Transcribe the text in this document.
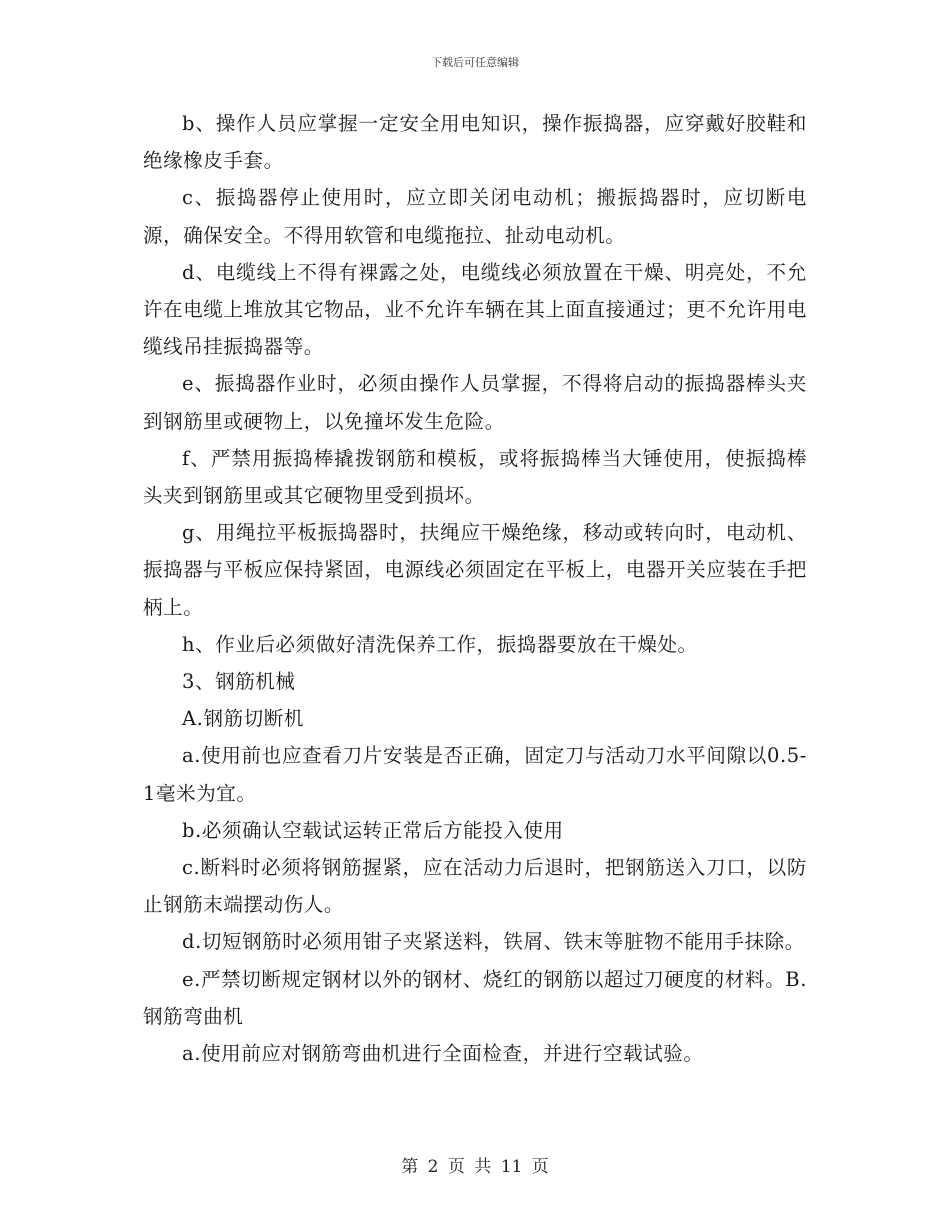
下载后可任意编辑

b、操作人员应掌握一定安全用电知识，操作振捣器，应穿戴好胶鞋和绝缘橡皮手套。

c、振捣器停止使用时，应立即关闭电动机；搬振捣器时，应切断电源，确保安全。不得用软管和电缆拖拉、扯动电动机。

d、电缆线上不得有裸露之处，电缆线必须放置在干燥、明亮处，不允许在电缆上堆放其它物品，业不允许车辆在其上面直接通过；更不允许用电缆线吊挂振捣器等。

e、振捣器作业时，必须由操作人员掌握，不得将启动的振捣器棒头夹到钢筋里或硬物上，以免撞坏发生危险。

f、严禁用振捣棒撬拨钢筋和模板，或将振捣棒当大锤使用，使振捣棒头夹到钢筋里或其它硬物里受到损坏。

g、用绳拉平板振捣器时，扶绳应干燥绝缘，移动或转向时，电动机、振捣器与平板应保持紧固，电源线必须固定在平板上，电器开关应装在手把柄上。

h、作业后必须做好清洗保养工作，振捣器要放在干燥处。

3、钢筋机械

A.钢筋切断机

a.使用前也应查看刀片安装是否正确，固定刀与活动刀水平间隙以0.5-1毫米为宜。

b.必须确认空载试运转正常后方能投入使用

c.断料时必须将钢筋握紧，应在活动力后退时，把钢筋送入刀口，以防止钢筋末端摆动伤人。

d.切短钢筋时必须用钳子夹紧送料，铁屑、铁末等脏物不能用手抹除。

e.严禁切断规定钢材以外的钢材、烧红的钢筋以超过刀硬度的材料。B.钢筋弯曲机

a.使用前应对钢筋弯曲机进行全面检查，并进行空载试验。

第 2 页 共 11 页
